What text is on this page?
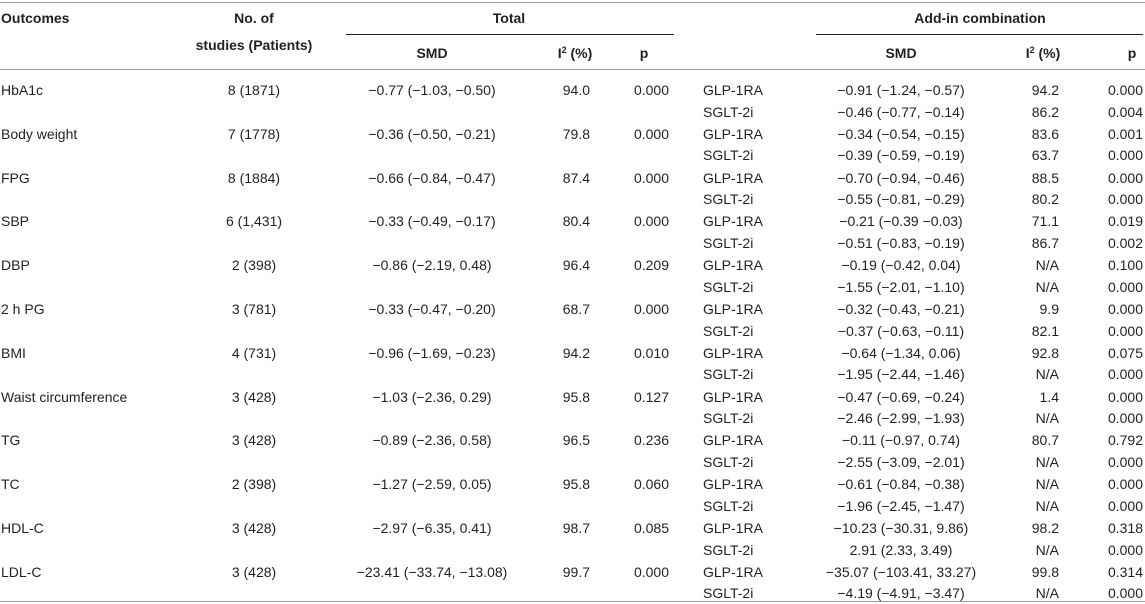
Outcomes	No. of
studies (Patients)
Total	Add-in combination
SMD	$I^2$ (%)	p	SMD	$I^2$ (%)	p
HbA1c	8 (1871)	−0.77 (−1.03, −0.50)	94.0	0.000 GLP-1RA	−0.91 (−1.24, −0.57)	94.2	0.000
SGLT-2i	−0.46 (−0.77, −0.14)	86.2	0.004
Body weight	7 (1778)	−0.36 (−0.50, −0.21)	79.8	0.000 GLP-1RA	−0.34 (−0.54, −0.15)	83.6	0.001
SGLT-2i	−0.39 (−0.59, −0.19)	63.7	0.000
FPG	8 (1884)	−0.66 (−0.84, −0.47)	87.4	0.000 GLP-1RA	−0.70 (−0.94, −0.46)	88.5	0.000
SGLT-2i	−0.55 (−0.81, −0.29)	80.2	0.000
SBP	6 (1,431)	−0.33 (−0.49, −0.17)	80.4	0.000 GLP-1RA	−0.21 (−0.39 −0.03)	71.1	0.019
SGLT-2i	−0.51 (−0.83, −0.19)	86.7	0.002
DBP	2 (398)	−0.86 (−2.19, 0.48)	96.4	0.209 GLP-1RA	−0.19 (−0.42, 0.04)	N/A	0.100
SGLT-2i	−1.55 (−2.01, −1.10)	N/A	0.000
2 h PG	3 (781)	−0.33 (−0.47, −0.20)	68.7	0.000 GLP-1RA	−0.32 (−0.43, −0.21)	9.9	0.000
SGLT-2i	−0.37 (−0.63, −0.11)	82.1	0.000
BMI	4 (731)	−0.96 (−1.69, −0.23)	94.2	0.010 GLP-1RA	−0.64 (−1.34, 0.06)	92.8	0.075
SGLT-2i	−1.95 (−2.44, −1.46)	N/A	0.000
Waist circumference	3 (428)	−1.03 (−2.36, 0.29)	95.8	0.127 GLP-1RA	−0.47 (−0.69, −0.24)	1.4	0.000
SGLT-2i	−2.46 (−2.99, −1.93)	N/A	0.000
TG	3 (428)	−0.89 (−2.36, 0.58)	96.5	0.236 GLP-1RA	−0.11 (−0.97, 0.74)	80.7	0.792
SGLT-2i	−2.55 (−3.09, −2.01)	N/A	0.000
TC	2 (398)	−1.27 (−2.59, 0.05)	95.8	0.060 GLP-1RA	−0.61 (−0.84, −0.38)	N/A	0.000
SGLT-2i	−1.96 (−2.45, −1.47)	N/A	0.000
HDL-C	3 (428)	−2.97 (−6.35, 0.41)	98.7	0.085 GLP-1RA	−10.23 (−30.31, 9.86)	98.2	0.318
SGLT-2i	2.91 (2.33, 3.49)	N/A	0.000
LDL-C	3 (428)	−23.41 (−33.74, −13.08)	99.7	0.000 GLP-1RA	−35.07 (−103.41, 33.27)	99.8	0.314
SGLT-2i	−4.19 (−4.91, −3.47)	N/A	0.000
